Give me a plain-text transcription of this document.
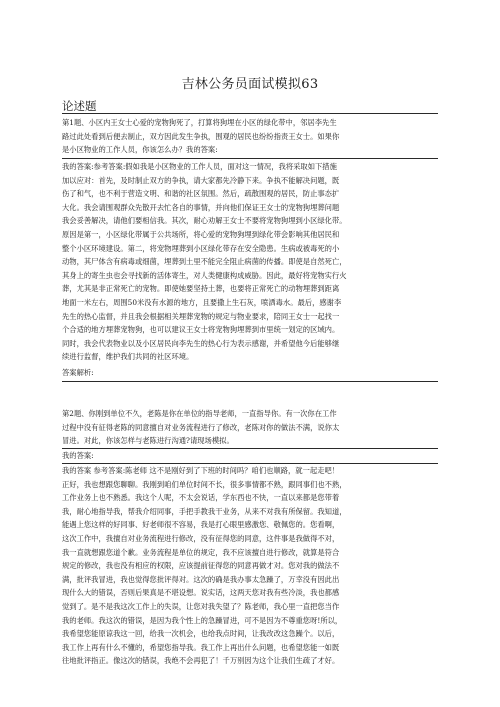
吉林公务员面试模拟63
论述题
第1题、小区内王女士心爱的宠物狗死了，打算将狗埋在小区的绿化带中，邻居李先生
路过此处看到后便去制止，双方因此发生争执，围观的居民也纷纷指责王女士。如果你
是小区物业的工作人员，你该怎么办？我的答案:
我的答案:参考答案:假如我是小区物业的工作人员，面对这一情况，我将采取如下措施
加以应对：首先，及时制止双方的争执，请大家都先冷静下来。争执不能解决问题，既
伤了和气，也不利于营造文明、和谐的社区氛围。然后，疏散围观的居民，防止事态扩
大化。我会请围观群众先散开去忙各自的事情，并向他们保证王女士的宠物狗埋葬问题
我会妥善解决，请他们要相信我。其次，耐心劝解王女士不要将宠物狗埋到小区绿化带。
原因是第一，小区绿化带属于公共场所，将心爱的宠物狗埋到绿化带会影响其他居民和
整个小区环境建设。第二，将宠物埋葬到小区绿化带存在安全隐患。生病或被毒死的小
动物，其尸体含有病毒或细菌，埋葬到土里不能完全阻止病菌的传播。即使是自然死亡，
其身上的寄生虫也会寻找新的活体寄生，对人类健康构成威胁。因此，最好将宠物实行火
葬，尤其是非正常死亡的宠物。即使她要坚持土葬，也要将正常死亡的动物埋葬到距离
地面一米左右，周围50米没有水源的地方，且要撒上生石灰，喷洒毒水。最后，感谢李
先生的热心监督，并且我会根据相关埋葬宠物的规定与物业要求，陪同王女士一起找一
个合适的地方埋葬宠物狗，也可以建议王女士将宠物狗埋葬到市里统一划定的区域内。
同时，我会代表物业以及小区居民向李先生的热心行为表示感谢，并希望他今后能够继
续进行监督，维护我们共同的社区环境。
答案解析:
第2题、你刚到单位不久，老陈是你在单位的指导老师，一直指导你。有一次你在工作
过程中没有征得老陈的同意擅自对业务流程进行了修改，老陈对你的做法不满，说你太
冒进。对此，你该怎样与老陈进行沟通?请现场模拟。
我的答案:
我的答案 参考答案:陈老师 这不是刚好到了下班的时间吗？咱们也顺路，就一起走吧！
正好，我也想跟您聊聊。我刚到咱们单位时间不长，很多事情都不熟，跟同事们也不熟，
工作业务上也不熟悉。我这个人呢，不太会说话，学东西也不快，一直以来都是您带着
我，耐心地指导我，帮我介绍同事，手把手教我干业务，从来不对我有所保留。我知道，
能遇上您这样的好同事、好老师很不容易，我是打心眼里感激您、敬佩您的。您看啊，
这次工作中，我擅自对业务流程进行修改，没有征得您的同意，这件事是我做得不对，
我一直就想跟您道个歉。业务流程是单位的规定，我不应该擅自进行修改，就算是符合
规定的修改，我也没有相应的权限，应该提前征得您的同意再做才对。您对我的做法不
满，批评我冒进，我也觉得您批评得对。这次的确是我办事太急躁了，万幸没有因此出
现什么大的错误，否则后果真是不堪设想。说实话，这两天您对我有些冷淡，我也都感
觉到了。是不是我这次工作上的失误，让您对我失望了？陈老师，我心里一直把您当作
我的老师。我这次的错误，是因为我个性上的急躁冒进，可不是因为不尊重您呀!所以，
我希望您能原谅我这一回，给我一次机会，也给我点时间，让我改改这急躁个。以后，
我工作上再有什么不懂的，希望您指导我。我工作上再出什么问题，也希望您能一如既
往地批评指正。像这次的错误，我绝不会再犯了！千万别因为这个让我们生疏了才好。
